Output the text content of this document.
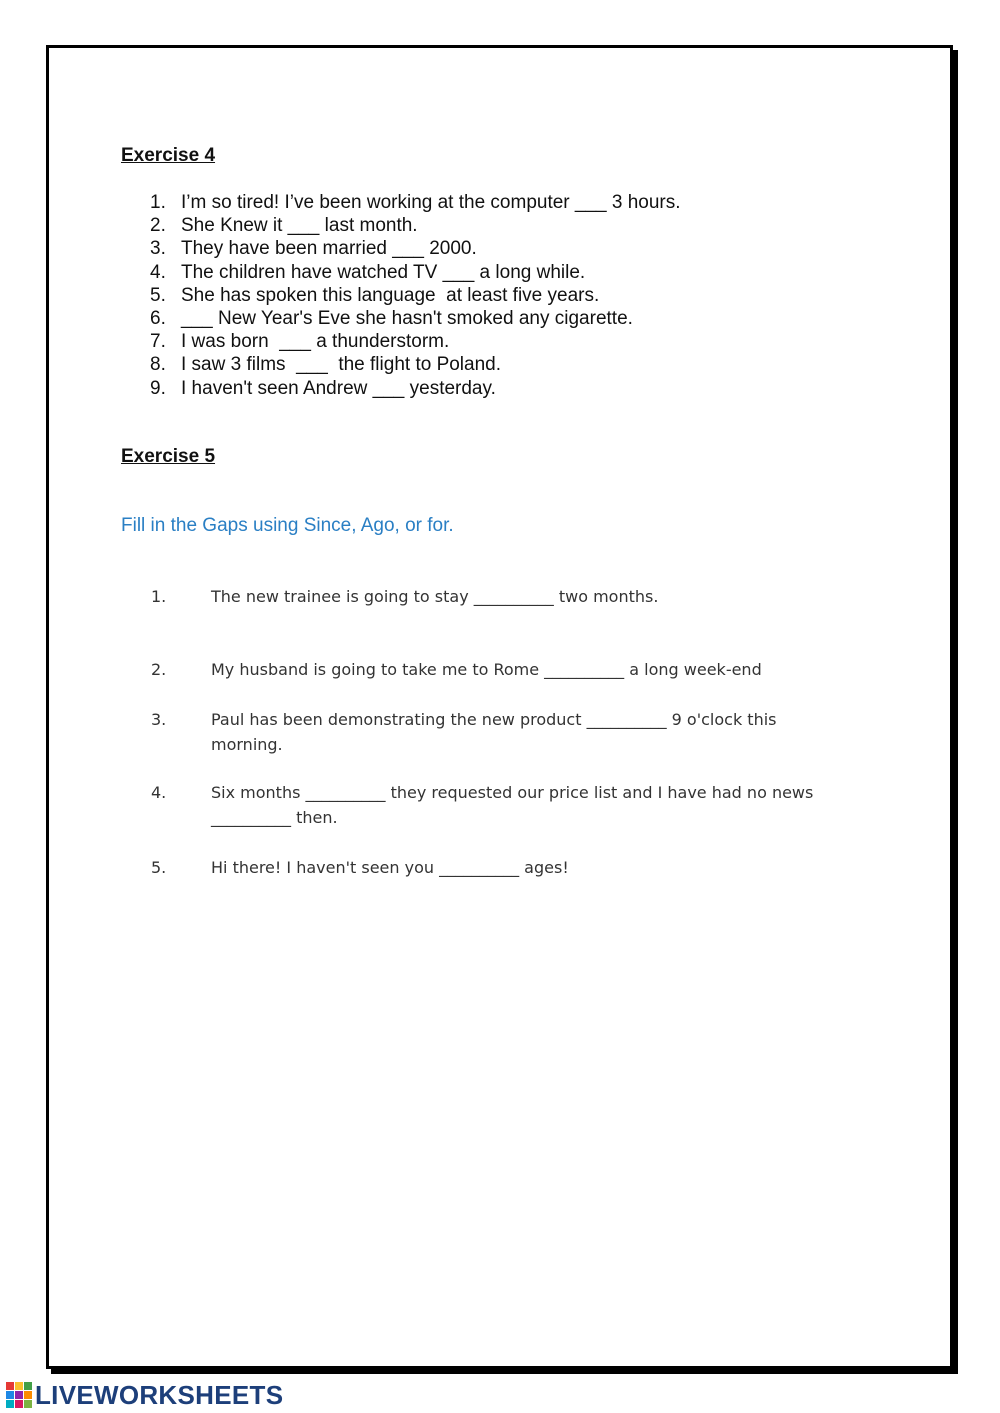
Exercise 4
1. I’m so tired! I’ve been working at the computer ___ 3 hours.
2. She Knew it ___ last month.
3. They have been married ___ 2000.
4. The children have watched TV ___ a long while.
5. She has spoken this language  at least five years.
6. ___ New Year's Eve she hasn't smoked any cigarette.
7. I was born  ___ a thunderstorm.
8. I saw 3 films  ___  the flight to Poland.
9. I haven't seen Andrew ___ yesterday.
Exercise 5

Fill in the Gaps using Since, Ago, or for.

1.	The new trainee is going to stay __________ two months.
2.	My husband is going to take me to Rome __________ a long week-end
3.	Paul has been demonstrating the new product __________ 9 o'clock this morning.
4.	Six months __________ they requested our price list and I have had no news __________ then.
5.	Hi there! I haven't seen you __________ ages!
LIVEWORKSHEETS
